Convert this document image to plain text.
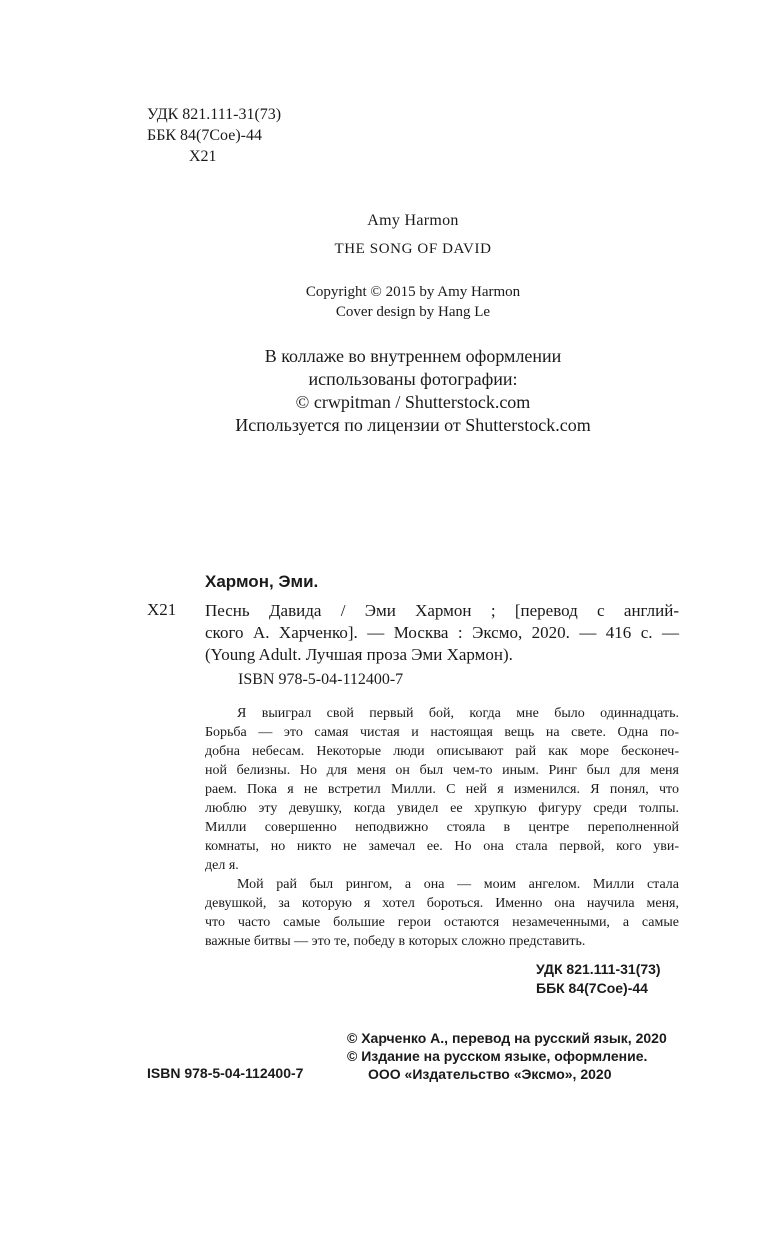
УДК 821.111-31(73)
ББК 84(7Сое)-44
Х21
Amy Harmon
THE SONG OF DAVID
Copyright © 2015 by Amy Harmon
Cover design by Hang Le
В коллаже во внутреннем оформлении
использованы фотографии:
© crwpitman / Shutterstock.com
Используется по лицензии от Shutterstock.com
Хармон, Эми.
Х21 Песнь Давида / Эми Хармон ; [перевод с англий-
ского А. Харченко]. — Москва : Эксмо, 2020. — 416 с. —
(Young Adult. Лучшая проза Эми Хармон).
ISBN 978-5-04-112400-7
Я выиграл свой первый бой, когда мне было одиннадцать.
Борьба — это самая чистая и настоящая вещь на свете. Одна по-
добна небесам. Некоторые люди описывают рай как море бесконеч-
ной белизны. Но для меня он был чем-то иным. Ринг был для меня
раем. Пока я не встретил Милли. С ней я изменился. Я понял, что
люблю эту девушку, когда увидел ее хрупкую фигуру среди толпы.
Милли совершенно неподвижно стояла в центре переполненной
комнаты, но никто не замечал ее. Но она стала первой, кого уви-
дел я.
Мой рай был рингом, а она — моим ангелом. Милли стала
девушкой, за которую я хотел бороться. Именно она научила меня,
что часто самые большие герои остаются незамеченными, а самые
важные битвы — это те, победу в которых сложно представить.
УДК 821.111-31(73)
ББК 84(7Сое)-44
© Харченко А., перевод на русский язык, 2020
© Издание на русском языке, оформление.
ООО «Издательство «Эксмо», 2020
ISBN 978-5-04-112400-7
